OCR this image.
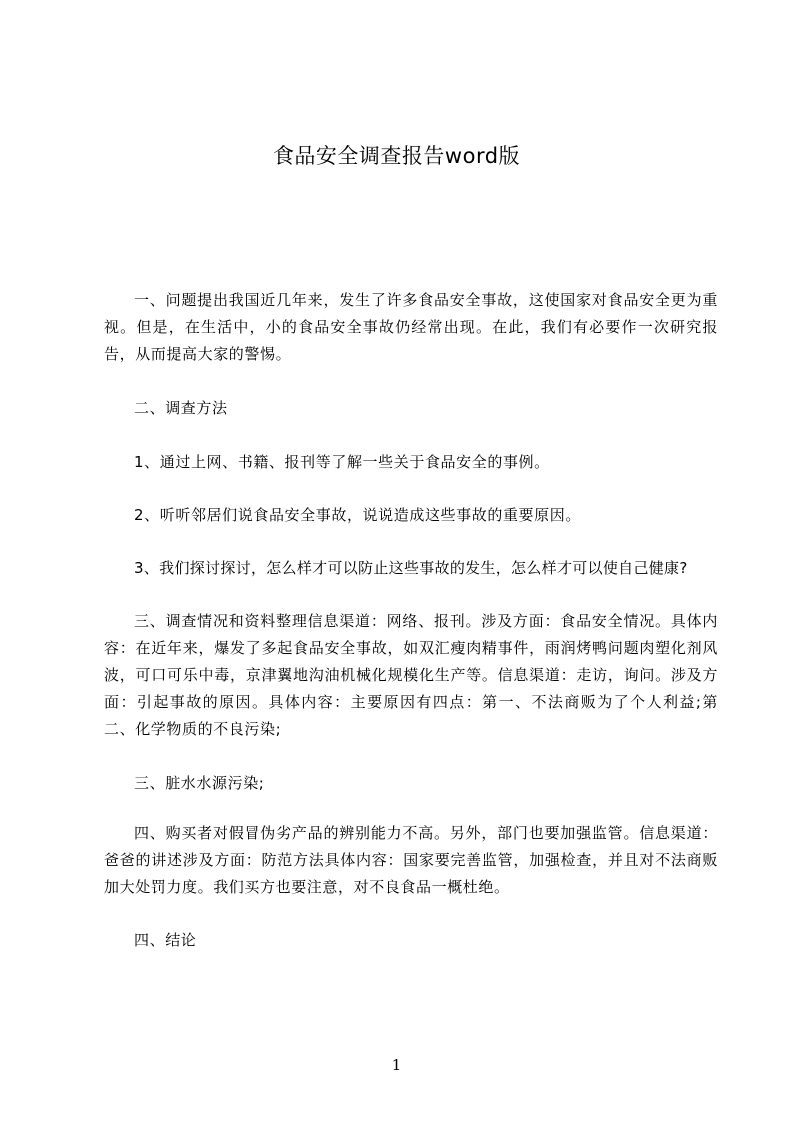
食品安全调查报告word版

一、问题提出我国近几年来，发生了许多食品安全事故，这使国家对食品安全更为重视。但是，在生活中，小的食品安全事故仍经常出现。在此，我们有必要作一次研究报告，从而提高大家的警惕。

二、调查方法

1、通过上网、书籍、报刊等了解一些关于食品安全的事例。

2、听听邻居们说食品安全事故，说说造成这些事故的重要原因。

3、我们探讨探讨，怎么样才可以防止这些事故的发生，怎么样才可以使自己健康?

三、调查情况和资料整理信息渠道：网络、报刊。涉及方面：食品安全情况。具体内容：在近年来，爆发了多起食品安全事故，如双汇瘦肉精事件，雨润烤鸭问题肉塑化剂风波，可口可乐中毒，京津翼地沟油机械化规模化生产等。信息渠道：走访，询问。涉及方面：引起事故的原因。具体内容：主要原因有四点：第一、不法商贩为了个人利益;第二、化学物质的不良污染;

三、脏水水源污染;

四、购买者对假冒伪劣产品的辨别能力不高。另外，部门也要加强监管。信息渠道：爸爸的讲述涉及方面：防范方法具体内容：国家要完善监管，加强检查，并且对不法商贩加大处罚力度。我们买方也要注意，对不良食品一概杜绝。

四、结论

1
